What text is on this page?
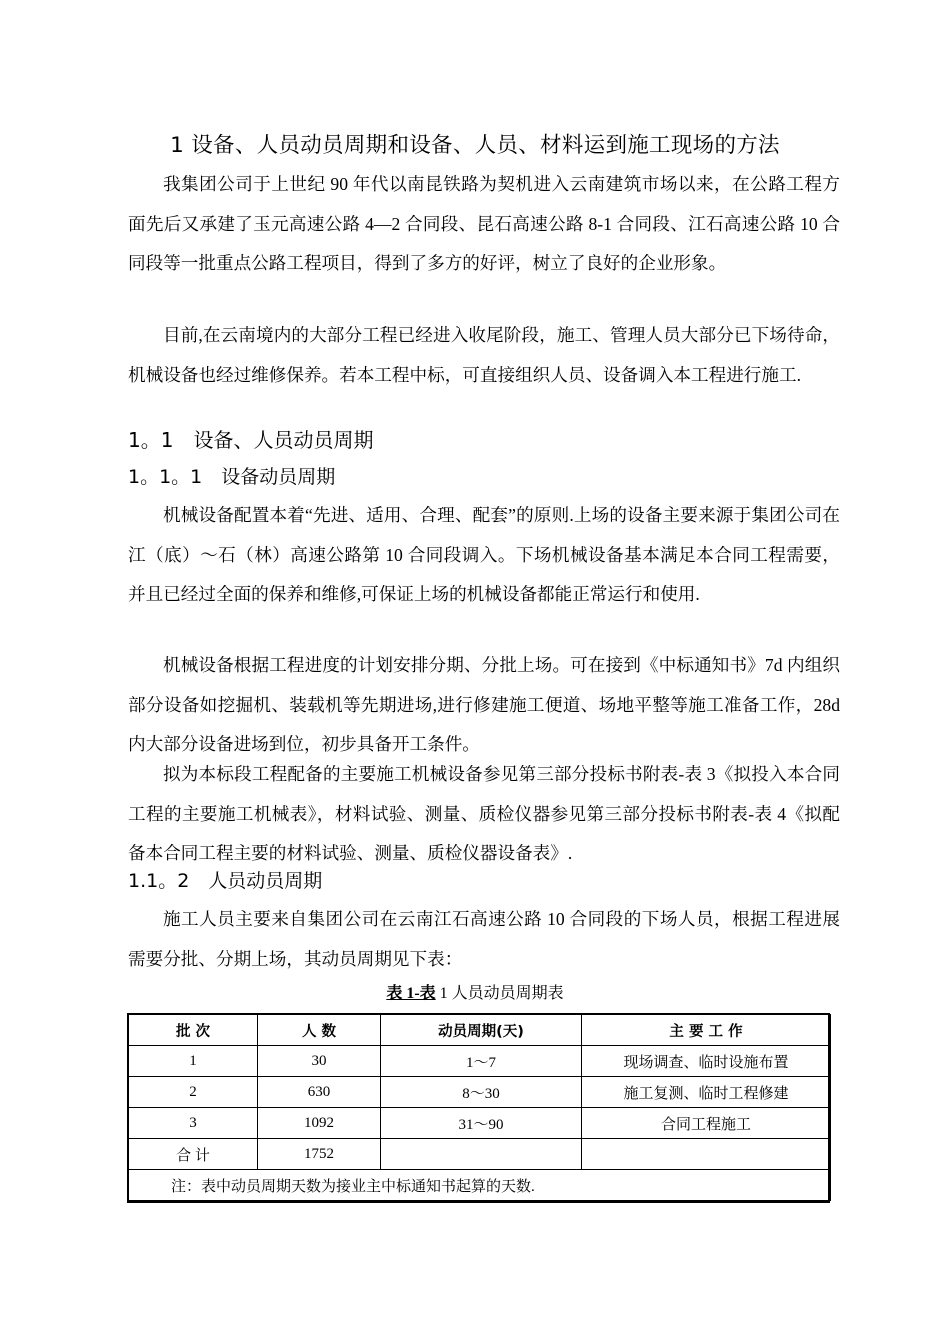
1 设备、人员动员周期和设备、人员、材料运到施工现场的方法

我集团公司于上世纪 90 年代以南昆铁路为契机进入云南建筑市场以来，在公路工程方面先后又承建了玉元高速公路 4—2 合同段、昆石高速公路 8-1 合同段、江石高速公路 10 合同段等一批重点公路工程项目，得到了多方的好评，树立了良好的企业形象。

目前,在云南境内的大部分工程已经进入收尾阶段，施工、管理人员大部分已下场待命，机械设备也经过维修保养。若本工程中标，可直接组织人员、设备调入本工程进行施工.

1。1　设备、人员动员周期
1。1。1　设备动员周期

机械设备配置本着“先进、适用、合理、配套”的原则.上场的设备主要来源于集团公司在江（底）～石（林）高速公路第 10 合同段调入。下场机械设备基本满足本合同工程需要，并且已经过全面的保养和维修,可保证上场的机械设备都能正常运行和使用.

机械设备根据工程进度的计划安排分期、分批上场。可在接到《中标通知书》7d 内组织部分设备如挖掘机、装载机等先期进场,进行修建施工便道、场地平整等施工准备工作，28d 内大部分设备进场到位，初步具备开工条件。

拟为本标段工程配备的主要施工机械设备参见第三部分投标书附表-表 3《拟投入本合同工程的主要施工机械表》，材料试验、测量、质检仪器参见第三部分投标书附表-表 4《拟配备本合同工程主要的材料试验、测量、质检仪器设备表》.

1.1。2　人员动员周期

施工人员主要来自集团公司在云南江石高速公路 10 合同段的下场人员，根据工程进展需要分批、分期上场，其动员周期见下表：

表 1-表 1 人员动员周期表
批 次	人 数	动员周期(天)	主 要 工 作
1	30	1～7	现场调查、临时设施布置
2	630	8～30	施工复测、临时工程修建
3	1092	31～90	合同工程施工
合 计	1752		
注：表中动员周期天数为接业主中标通知书起算的天数.			
